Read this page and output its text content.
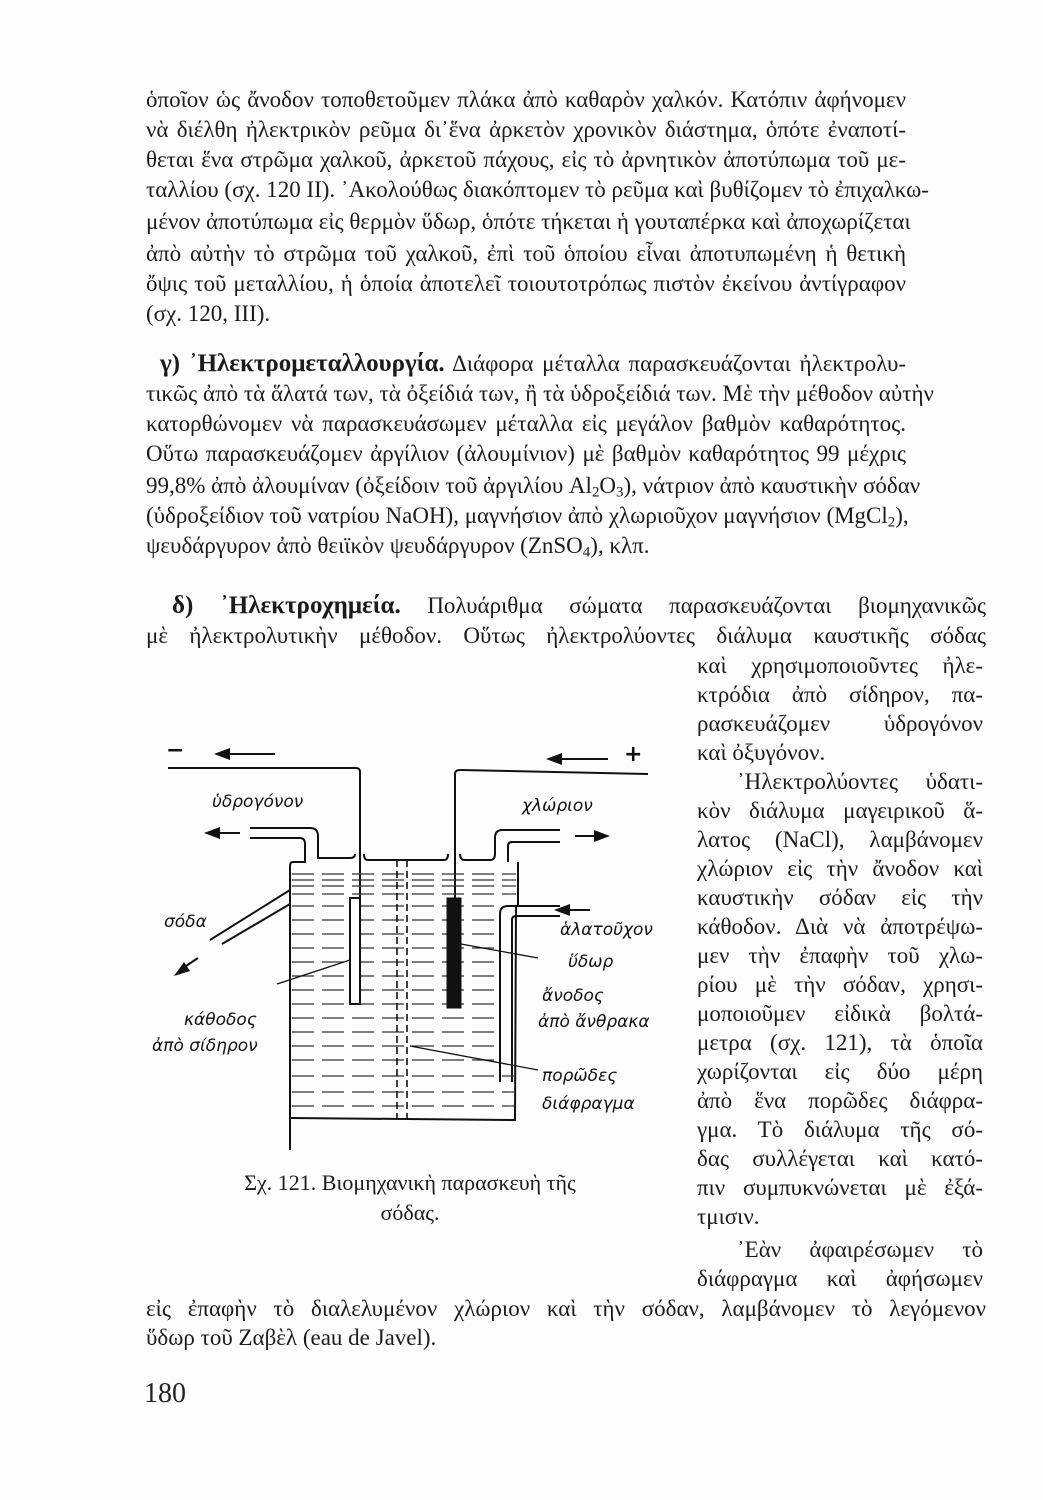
ὁποῖον ὡς ἄνοδον τοποθετοῦμεν πλάκα ἀπὸ καθαρὸν χαλκόν. Κατόπιν ἀφήνομεν
νὰ διέλθη ἠλεκτρικὸν ρεῦμα δι᾽ἕνα ἀρκετὸν χρονικὸν διάστημα, ὁπότε ἐναποτί-
θεται ἕνα στρῶμα χαλκοῦ, ἀρκετοῦ πάχους, εἰς τὸ ἀρνητικὸν ἀποτύπωμα τοῦ με-
ταλλίου (σχ. 120 II). ᾿Ακολούθως διακόπτομεν τὸ ρεῦμα καὶ βυθίζομεν τὸ ἐπιχαλκω-
μένον ἀποτύπωμα εἰς θερμὸν ὕδωρ, ὁπότε τήκεται ἡ γουταπέρκα καὶ ἀποχωρίζεται
ἀπὸ αὐτὴν τὸ στρῶμα τοῦ χαλκοῦ, ἐπὶ τοῦ ὁποίου εἶναι ἀποτυπωμένη ἡ θετικὴ
ὄψις τοῦ μεταλλίου, ἡ ὁποία ἀποτελεῖ τοιουτοτρόπως πιστὸν ἐκείνου ἀντίγραφον
(σχ. 120, III).
γ) ᾿Ηλεκτρομεταλλουργία. Διάφορα μέταλλα παρασκευάζονται ἠλεκτρολυ-
τικῶς ἀπὸ τὰ ἅλατά των, τὰ ὀξείδιά των, ἢ τὰ ὑδροξείδιά των. Μὲ τὴν μέθοδον αὐτὴν
κατορθώνομεν νὰ παρασκευάσωμεν μέταλλα εἰς μεγάλον βαθμὸν καθαρότητος.
Οὕτω παρασκευάζομεν ἀργίλιον (ἀλουμίνιον) μὲ βαθμὸν καθαρότητος 99 μέχρις
99,8% ἀπὸ ἀλουμίναν (ὀξείδοιν τοῦ ἀργιλίου $Al_2O_3$), νάτριον ἀπὸ καυστικὴν σόδαν
(ὑδροξείδιον τοῦ νατρίου NaOH), μαγνήσιον ἀπὸ χλωριοῦχον μαγνήσιον (MgCl$_2$),
ψευδάργυρον ἀπὸ θειϊκὸν ψευδάργυρον (ZnSO$_4$), κλπ.
δ) ᾿Ηλεκτροχημεία. Πολυάριθμα σώματα παρασκευάζονται βιομηχανικῶς
μὲ ἠλεκτρολυτικὴν μέθοδον. Οὕτως ἠλεκτρολύοντες διάλυμα καυστικῆς σόδας
καὶ χρησιμοποιοῦντες ἠλε-
κτρόδια ἀπὸ σίδηρον, πα-
ρασκευάζομεν ὑδρογόνον
καὶ ὀξυγόνον.
᾿Ηλεκτρολύοντες ὑδατι-
κὸν διάλυμα μαγειρικοῦ ἅ-
λατος (NaCl), λαμβάνομεν
χλώριον εἰς τὴν ἄνοδον καὶ
καυστικὴν σόδαν εἰς τὴν
κάθοδον. Διὰ νὰ ἀποτρέψω-
μεν τὴν ἐπαφὴν τοῦ χλω-
ρίου μὲ τὴν σόδαν, χρησι-
μοποιοῦμεν εἰδικὰ βολτά-
μετρα (σχ. 121), τὰ ὁποῖα
χωρίζονται εἰς δύο μέρη
ἀπὸ ἕνα πορῶδες διάφρα-
γμα. Τὸ διάλυμα τῆς σό-
δας συλλέγεται καὶ κατό-
πιν συμπυκνώνεται μὲ ἐξά-
τμισιν.
᾿Εὰν ἀφαιρέσωμεν τὸ
διάφραγμα καὶ ἀφήσωμεν
εἰς ἐπαφὴν τὸ διαλελυμένον χλώριον καὶ τὴν σόδαν, λαμβάνομεν τὸ λεγόμενον
ὕδωρ τοῦ Ζαβὲλ (eau de Javel).
−	+
ὑδρογόνον	χλώριον
σόδα	ἁλατοῦχον
ὕδωρ
ἄνοδος
ἀπὸ ἄνθρακα
κάθοδος
ἀπὸ σίδηρον
πορῶδες
διάφραγμα
Σχ. 121. Βιομηχανικὴ παρασκευὴ τῆς
σόδας.
180
